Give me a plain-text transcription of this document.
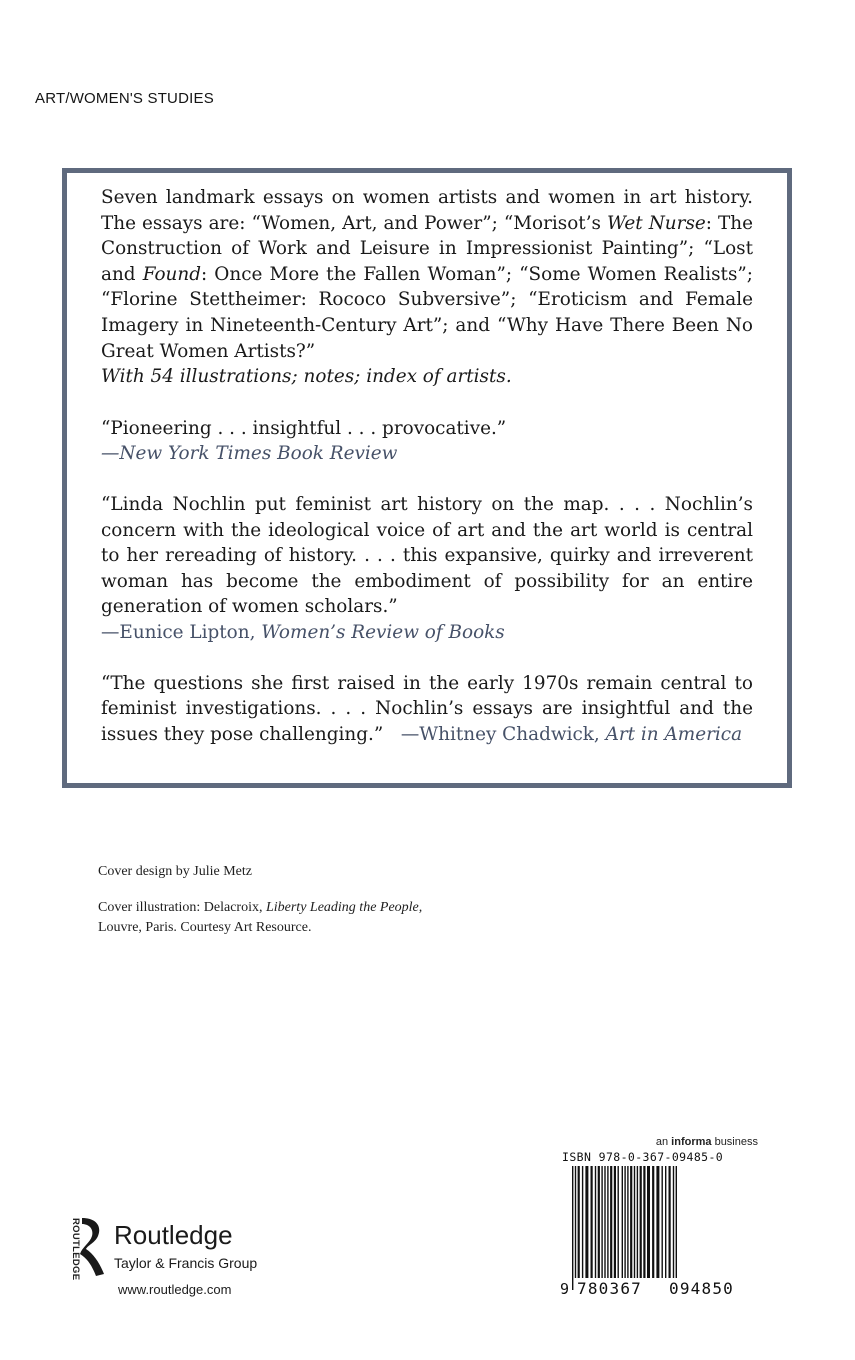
ART/WOMEN'S STUDIES

Seven landmark essays on women artists and women in art history. The essays are: “Women, Art, and Power”; “Morisot’s Wet Nurse: The Construction of Work and Leisure in Impressionist Painting”; “Lost and Found: Once More the Fallen Woman”; “Some Women Realists”; “Florine Stettheimer: Rococo Subversive”; “Eroticism and Female Imagery in Nineteenth-Century Art”; and “Why Have There Been No Great Women Artists?”

With 54 illustrations; notes; index of artists.

“Pioneering . . . insightful . . . provocative.”

—New York Times Book Review

“Linda Nochlin put feminist art history on the map. . . . Nochlin’s concern with the ideological voice of art and the art world is central to her rereading of history. . . . this expansive, quirky and irreverent woman has become the embodiment of possibility for an entire generation of women scholars.”

—Eunice Lipton, Women’s Review of Books

“The questions she first raised in the early 1970s remain central to feminist investigations. . . . Nochlin’s essays are insightful and the issues they pose challenging.” —Whitney Chadwick, Art in America

Cover design by Julie Metz
Cover illustration: Delacroix, Liberty Leading the People, Louvre, Paris. Courtesy Art Resource.
ROUTLEDGE Routledge
Taylor & Francis Group
www.routledge.com
an informa business
ISBN 978-0-367-09485-0
9 780367 094850
